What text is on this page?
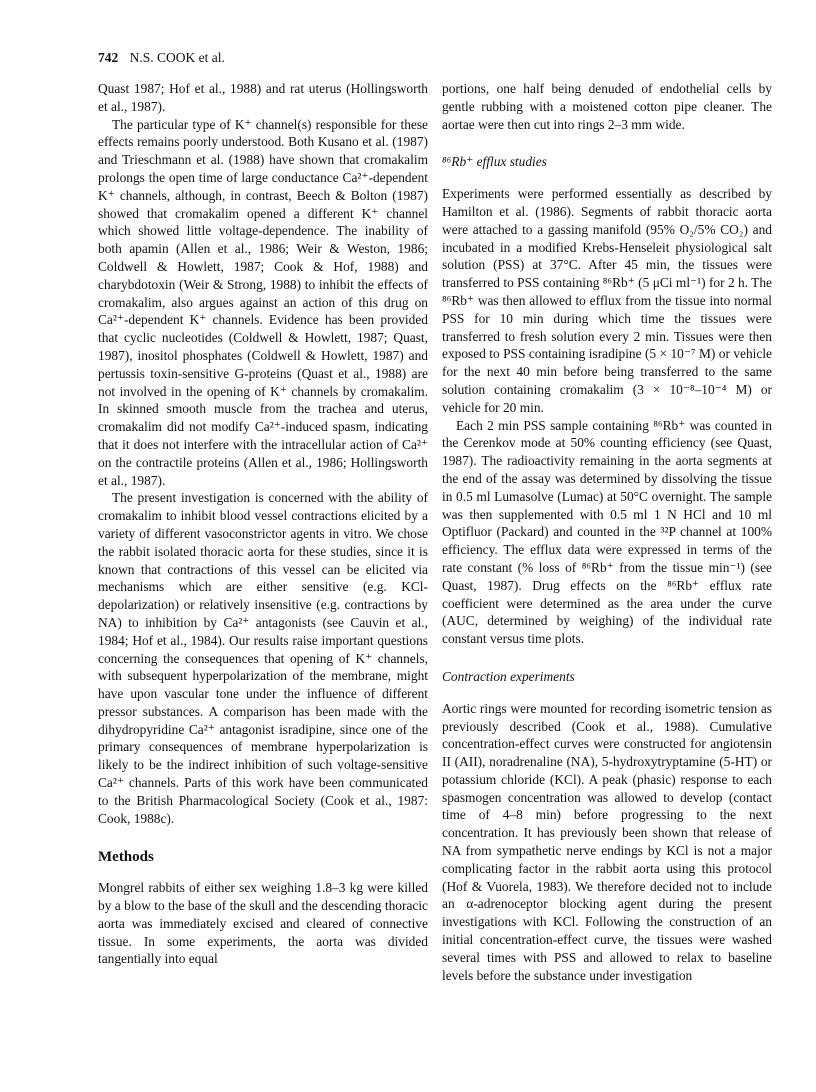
742 N.S. COOK et al.

Quast 1987; Hof et al., 1988) and rat uterus (Hollingsworth et al., 1987).

The particular type of K⁺ channel(s) responsible for these effects remains poorly understood. Both Kusano et al. (1987) and Trieschmann et al. (1988) have shown that cromakalim prolongs the open time of large conductance Ca²⁺-dependent K⁺ channels, although, in contrast, Beech & Bolton (1987) showed that cromakalim opened a different K⁺ channel which showed little voltage-dependence. The inability of both apamin (Allen et al., 1986; Weir & Weston, 1986; Coldwell & Howlett, 1987; Cook & Hof, 1988) and charybdotoxin (Weir & Strong, 1988) to inhibit the effects of cromakalim, also argues against an action of this drug on Ca²⁺-dependent K⁺ channels. Evidence has been provided that cyclic nucleotides (Coldwell & Howlett, 1987; Quast, 1987), inositol phosphates (Coldwell & Howlett, 1987) and pertussis toxin-sensitive G-proteins (Quast et al., 1988) are not involved in the opening of K⁺ channels by cromakalim. In skinned smooth muscle from the trachea and uterus, cromakalim did not modify Ca²⁺-induced spasm, indicating that it does not interfere with the intracellular action of Ca²⁺ on the contractile proteins (Allen et al., 1986; Hollingsworth et al., 1987).

The present investigation is concerned with the ability of cromakalim to inhibit blood vessel contractions elicited by a variety of different vasoconstrictor agents in vitro. We chose the rabbit isolated thoracic aorta for these studies, since it is known that contractions of this vessel can be elicited via mechanisms which are either sensitive (e.g. KCl-depolarization) or relatively insensitive (e.g. contractions by NA) to inhibition by Ca²⁺ antagonists (see Cauvin et al., 1984; Hof et al., 1984). Our results raise important questions concerning the consequences that opening of K⁺ channels, with subsequent hyperpolarization of the membrane, might have upon vascular tone under the influence of different pressor substances. A comparison has been made with the dihydropyridine Ca²⁺ antagonist isradipine, since one of the primary consequences of membrane hyperpolarization is likely to be the indirect inhibition of such voltage-sensitive Ca²⁺ channels. Parts of this work have been communicated to the British Pharmacological Society (Cook et al., 1987: Cook, 1988c).

Methods

Mongrel rabbits of either sex weighing 1.8–3 kg were killed by a blow to the base of the skull and the descending thoracic aorta was immediately excised and cleared of connective tissue. In some experiments, the aorta was divided tangentially into equal

portions, one half being denuded of endothelial cells by gentle rubbing with a moistened cotton pipe cleaner. The aortae were then cut into rings 2–3 mm wide.

⁸⁶Rb⁺ efflux studies

Experiments were performed essentially as described by Hamilton et al. (1986). Segments of rabbit thoracic aorta were attached to a gassing manifold (95% O₂/5% CO₂) and incubated in a modified Krebs-Henseleit physiological salt solution (PSS) at 37°C. After 45 min, the tissues were transferred to PSS containing ⁸⁶Rb⁺ (5 μCi ml⁻¹) for 2 h. The ⁸⁶Rb⁺ was then allowed to efflux from the tissue into normal PSS for 10 min during which time the tissues were transferred to fresh solution every 2 min. Tissues were then exposed to PSS containing isradipine (5 × 10⁻⁷ M) or vehicle for the next 40 min before being transferred to the same solution containing cromakalim (3 × 10⁻⁸–10⁻⁴ M) or vehicle for 20 min.

Each 2 min PSS sample containing ⁸⁶Rb⁺ was counted in the Cerenkov mode at 50% counting efficiency (see Quast, 1987). The radioactivity remaining in the aorta segments at the end of the assay was determined by dissolving the tissue in 0.5 ml Lumasolve (Lumac) at 50°C overnight. The sample was then supplemented with 0.5 ml 1 N HCl and 10 ml Optifluor (Packard) and counted in the ³²P channel at 100% efficiency. The efflux data were expressed in terms of the rate constant (% loss of ⁸⁶Rb⁺ from the tissue min⁻¹) (see Quast, 1987). Drug effects on the ⁸⁶Rb⁺ efflux rate coefficient were determined as the area under the curve (AUC, determined by weighing) of the individual rate constant versus time plots.

Contraction experiments

Aortic rings were mounted for recording isometric tension as previously described (Cook et al., 1988). Cumulative concentration-effect curves were constructed for angiotensin II (AII), noradrenaline (NA), 5-hydroxytryptamine (5-HT) or potassium chloride (KCl). A peak (phasic) response to each spasmogen concentration was allowed to develop (contact time of 4–8 min) before progressing to the next concentration. It has previously been shown that release of NA from sympathetic nerve endings by KCl is not a major complicating factor in the rabbit aorta using this protocol (Hof & Vuorela, 1983). We therefore decided not to include an α-adrenoceptor blocking agent during the present investigations with KCl. Following the construction of an initial concentration-effect curve, the tissues were washed several times with PSS and allowed to relax to baseline levels before the substance under investigation
